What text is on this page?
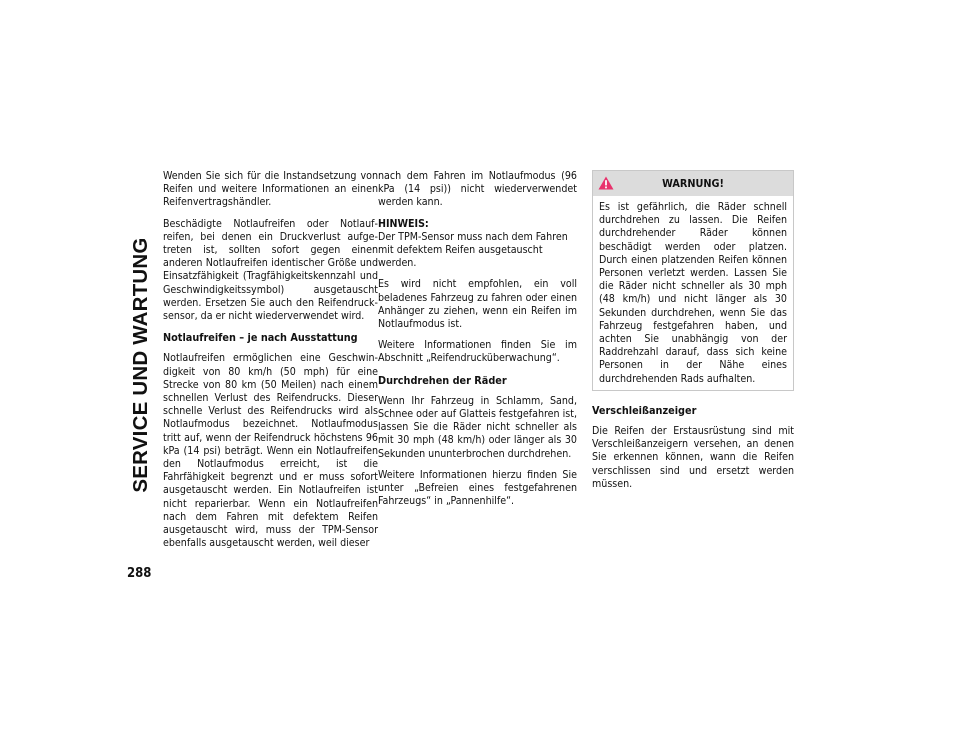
SERVICE UND WARTUNG
288

Wenden Sie sich für die Instandsetzung von Reifen und weitere Informationen an einen Reifenvertragshändler.

Beschädigte Notlaufreifen oder Notlaufreifen, bei denen ein Druckverlust aufgetreten ist, sollten sofort gegen einen anderen Notlaufreifen identischer Größe und Einsatzfähigkeit (Tragfähigkeitskennzahl und Geschwindigkeitssymbol) ausgetauscht werden. Ersetzen Sie auch den Reifendrucksensor, da er nicht wiederverwendet wird.

Notlaufreifen – je nach Ausstattung

Notlaufreifen ermöglichen eine Geschwindigkeit von 80 km/h (50 mph) für eine Strecke von 80 km (50 Meilen) nach einem schnellen Verlust des Reifendrucks. Dieser schnelle Verlust des Reifendrucks wird als Notlaufmodus bezeichnet. Notlaufmodus tritt auf, wenn der Reifendruck höchstens 96 kPa (14 psi) beträgt. Wenn ein Notlaufreifen den Notlaufmodus erreicht, ist die Fahrfähigkeit begrenzt und er muss sofort ausgetauscht werden. Ein Notlaufreifen ist nicht reparierbar. Wenn ein Notlaufreifen nach dem Fahren mit defektem Reifen ausgetauscht wird, muss der TPM-Sensor ebenfalls ausgetauscht werden, weil dieser

nach dem Fahren im Notlaufmodus (96 kPa (14 psi)) nicht wiederverwendet werden kann.

HINWEIS:
Der TPM-Sensor muss nach dem Fahren mit defektem Reifen ausgetauscht werden.

Es wird nicht empfohlen, ein voll beladenes Fahrzeug zu fahren oder einen Anhänger zu ziehen, wenn ein Reifen im Notlaufmodus ist.

Weitere Informationen finden Sie im Abschnitt „Reifendrucküberwachung“.

Durchdrehen der Räder

Wenn Ihr Fahrzeug in Schlamm, Sand, Schnee oder auf Glatteis festgefahren ist, lassen Sie die Räder nicht schneller als mit 30 mph (48 km/h) oder länger als 30 Sekunden ununterbrochen durchdrehen.

Weitere Informationen hierzu finden Sie unter „Befreien eines festgefahrenen Fahrzeugs“ in „Pannenhilfe“.

WARNUNG!

Es ist gefährlich, die Räder schnell durchdrehen zu lassen. Die Reifen durchdrehender Räder können beschädigt werden oder platzen. Durch einen platzenden Reifen können Personen verletzt werden. Lassen Sie die Räder nicht schneller als 30 mph (48 km/h) und nicht länger als 30 Sekunden durchdrehen, wenn Sie das Fahrzeug festgefahren haben, und achten Sie unabhängig von der Raddrehzahl darauf, dass sich keine Personen in der Nähe eines durchdrehenden Rads aufhalten.

Verschleißanzeiger

Die Reifen der Erstausrüstung sind mit Verschleißanzeigern versehen, an denen Sie erkennen können, wann die Reifen verschlissen sind und ersetzt werden müssen.
